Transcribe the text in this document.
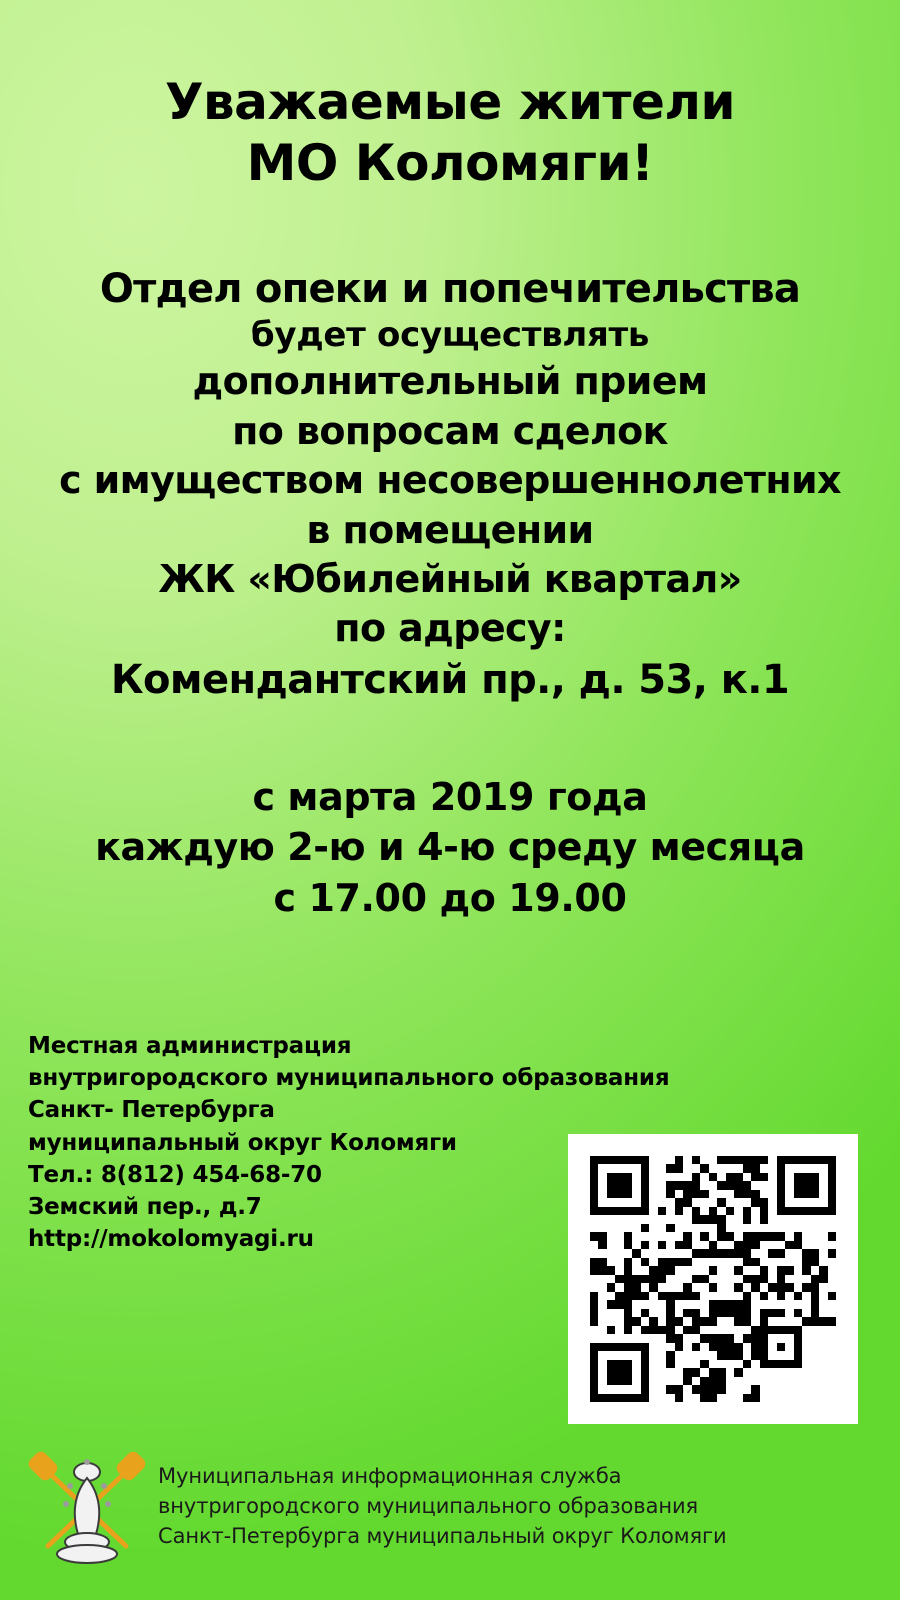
Уважаемые жители
МО Коломяги!
Отдел опеки и попечительства
будет осуществлять
дополнительный прием
по вопросам сделок
с имуществом несовершеннолетних
в помещении
ЖК «Юбилейный квартал»
по адресу:
Комендантский пр., д. 53, к.1
с марта 2019 года
каждую 2-ю и 4-ю среду месяца
с 17.00 до 19.00
Местная администрация
внутригородского муниципального образования
Санкт- Петербурга
муниципальный округ Коломяги
Тел.: 8(812) 454-68-70
Земский пер., д.7
http://mokolomyagi.ru
Муниципальная информационная служба
внутригородского муниципального образования
Санкт-Петербурга муниципальный округ Коломяги
